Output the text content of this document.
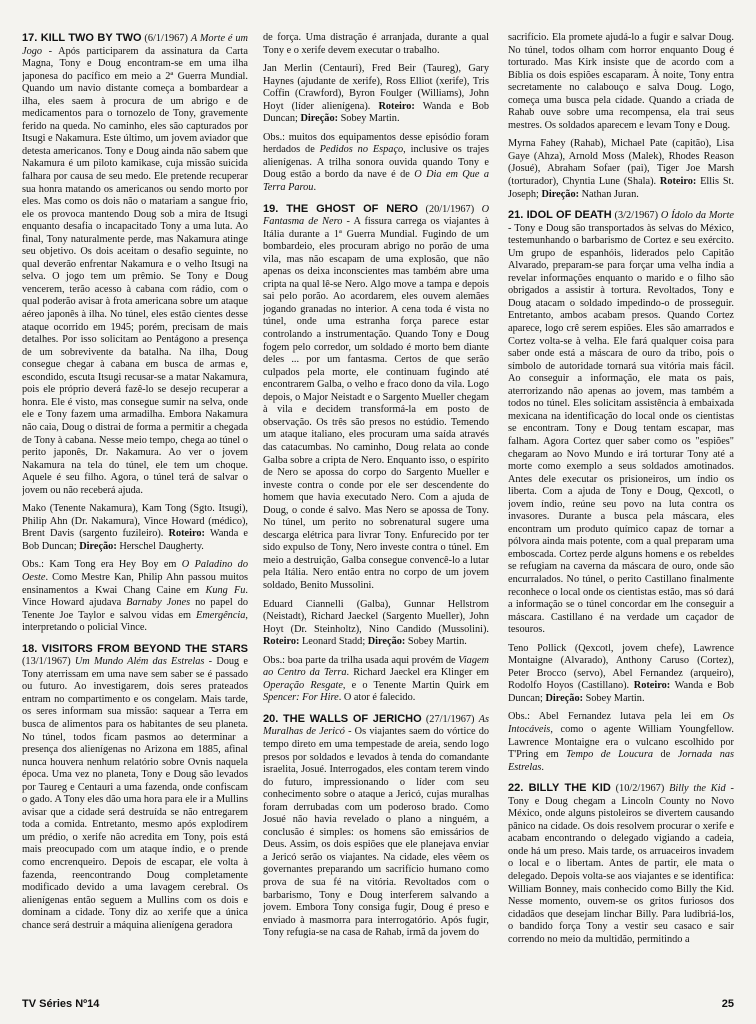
17. KILL TWO BY TWO (6/1/1967) A Morte é um Jogo - Após participarem da assinatura da Carta Magna, Tony e Doug encontram-se em uma ilha japonesa do pacífico em meio a 2ª Guerra Mundial. Quando um navio distante começa a bombardear a ilha, eles saem à procura de um abrigo e de medicamentos para o tornozelo de Tony, gravemente ferido na queda. No caminho, eles são capturados por Itsugi e Nakamura. Este último, um jovem aviador que detesta americanos. Tony e Doug ainda não sabem que Nakamura é um piloto kamikase, cuja missão suicida falhara por causa de seu medo. Ele pretende recuperar sua honra matando os americanos ou sendo morto por eles. Mas como os dois não o matariam a sangue frio, ele os provoca mantendo Doug sob a mira de Itsugi enquanto desafia o incapacitado Tony a uma luta. Ao final, Tony naturalmente perde, mas Nakamura atinge seu objetivo. Os dois aceitam o desafio seguinte, no qual deverão enfrentar Nakamura e o velho Itsugi na selva. O jogo tem um prêmio. Se Tony e Doug vencerem, terão acesso à cabana com rádio, com o qual poderão avisar à frota americana sobre um ataque aéreo japonês à ilha. No túnel, eles estão cientes desse ataque ocorrido em 1945; porém, precisam de mais detalhes. Por isso solicitam ao Pentágono a presença de um sobrevivente da batalha. Na ilha, Doug consegue chegar à cabana em busca de armas e, escondido, escuta Itsugi recusar-se a matar Nakamura, pois ele próprio deverá fazê-lo se desejo recuperar a honra. Ele é visto, mas consegue sumir na selva, onde ele e Tony fazem uma armadilha. Embora Nakamura não caia, Doug o distrai de forma a permitir a chegada de Tony à cabana. Nesse meio tempo, chega ao túnel o perito japonês, Dr. Nakamura. Ao ver o jovem Nakamura na tela do túnel, ele tem um choque. Aquele é seu filho. Agora, o túnel terá de salvar o jovem ou não receberá ajuda.

Mako (Tenente Nakamura), Kam Tong (Sgto. Itsugi), Philip Ahn (Dr. Nakamura), Vince Howard (médico), Brent Davis (sargento fuzileiro). Roteiro: Wanda e Bob Duncan; Direção: Herschel Daugherty.

Obs.: Kam Tong era Hey Boy em O Paladino do Oeste. Como Mestre Kan, Philip Ahn passou muitos ensinamentos a Kwai Chang Caine em Kung Fu. Vince Howard ajudava Barnaby Jones no papel do Tenente Joe Taylor e salvou vidas em Emergência, interpretando o policial Vince.

18. VISITORS FROM BEYOND THE STARS (13/1/1967) Um Mundo Além das Estrelas - Doug e Tony aterrissam em uma nave sem saber se é passado ou futuro. Ao investigarem, dois seres prateados entram no compartimento e os congelam. Mais tarde, os seres informam sua missão: saquear a Terra em busca de alimentos para os habitantes de seu planeta. No túnel, todos ficam pasmos ao determinar a presença dos alienígenas no Arizona em 1885, afinal nunca houvera nenhum relatório sobre Ovnis naquela época. Uma vez no planeta, Tony e Doug são levados por Taureg e Centauri a uma fazenda, onde confiscam o gado. A Tony eles dão uma hora para ele ir a Mullins avisar que a cidade será destruída se não entregarem toda a comida. Entretanto, mesmo após explodirem um prédio, o xerife não acredita em Tony, pois está mais preocupado com um ataque índio, e o prende como encrenqueiro. Depois de escapar, ele volta à fazenda, reencontrando Doug completamente modificado devido a uma lavagem cerebral. Os alienígenas então seguem a Mullins com os dois e dominam a cidade. Tony diz ao xerife que a única chance será destruir a máquina alienígena geradora

de força. Uma distração é arranjada, durante a qual Tony e o xerife devem executar o trabalho.

Jan Merlin (Centauri), Fred Beir (Taureg), Gary Haynes (ajudante de xerife), Ross Elliot (xerife), Tris Coffin (Crawford), Byron Foulger (Williams), John Hoyt (líder alienígena). Roteiro: Wanda e Bob Duncan; Direção: Sobey Martin.

Obs.: muitos dos equipamentos desse episódio foram herdados de Pedidos no Espaço, inclusive os trajes alienígenas. A trilha sonora ouvida quando Tony e Doug estão a bordo da nave é de O Dia em Que a Terra Parou.

19. THE GHOST OF NERO (20/1/1967) O Fantasma de Nero - A fissura carrega os viajantes à Itália durante a 1ª Guerra Mundial. Fugindo de um bombardeio, eles procuram abrigo no porão de uma vila, mas não escapam de uma explosão, que não apenas os deixa inconscientes mas também abre uma cripta na qual lê-se Nero. Algo move a tampa e depois sai pelo porão. Ao acordarem, eles ouvem alemães jogando granadas no interior. A cena toda é vista no túnel, onde uma estranha força parece estar controlando a instrumentação. Quando Tony e Doug fogem pelo corredor, um soldado é morto bem diante deles ... por um fantasma. Certos de que serão culpados pela morte, ele continuam fugindo até encontrarem Galba, o velho e fraco dono da vila. Logo depois, o Major Neistadt e o Sargento Mueller chegam à vila e decidem transformá-la em posto de observação. Os três são presos no estúdio. Temendo um ataque italiano, eles procuram uma saída através das catacumbas. No caminho, Doug relata ao conde Galba sobre a cripta de Nero. Enquanto isso, o espírito de Nero se apossa do corpo do Sargento Mueller e investe contra o conde por ele ser descendente do homem que havia executado Nero. Com a ajuda de Doug, o conde é salvo. Mas Nero se apossa de Tony. No túnel, um perito no sobrenatural sugere uma descarga elétrica para livrar Tony. Enfurecido por ter sido expulso de Tony, Nero investe contra o túnel. Em meio a destruição, Galba consegue convencê-lo a lutar pela Itália. Nero então entra no corpo de um jovem soldado, Benito Mussolini.

Eduard Ciannelli (Galba), Gunnar Hellstrom (Neistadt), Richard Jaeckel (Sargento Mueller), John Hoyt (Dr. Steinholtz), Nino Candido (Mussolini). Roteiro: Leonard Stadd; Direção: Sobey Martin.

Obs.: boa parte da trilha usada aqui provém de Viagem ao Centro da Terra. Richard Jaeckel era Klinger em Operação Resgate, e o Tenente Martin Quirk em Spencer: For Hire. O ator é falecido.

20. THE WALLS OF JERICHO (27/1/1967) As Muralhas de Jericó - Os viajantes saem do vórtice do tempo direto em uma tempestade de areia, sendo logo presos por soldados e levados à tenda do comandante israelita, Josué. Interrogados, eles contam terem vindo do futuro, impressionando o líder com seu conhecimento sobre o ataque a Jericó, cujas muralhas foram derrubadas com um poderoso brado. Como Josué não havia revelado o plano a ninguém, a conclusão é simples: os homens são emissários de Deus. Assim, os dois espiões que ele planejava enviar a Jericó serão os viajantes. Na cidade, eles vêem os governantes preparando um sacrifício humano como prova de sua fé na vitória. Revoltados com o barbarismo, Tony e Doug interferem salvando a jovem. Embora Tony consiga fugir, Doug é preso e enviado à masmorra para interrogatório. Após fugir, Tony refugia-se na casa de Rahab, irmã da jovem do

sacrifício. Ela promete ajudá-lo a fugir e salvar Doug. No túnel, todos olham com horror enquanto Doug é torturado. Mas Kirk insiste que de acordo com a Bíblia os dois espiões escaparam. À noite, Tony entra secretamente no calabouço e salva Doug. Logo, começa uma busca pela cidade. Quando a criada de Rahab ouve sobre uma recompensa, ela trai seus mestres. Os soldados aparecem e levam Tony e Doug.

Myrna Fahey (Rahab), Michael Pate (capitão), Lisa Gaye (Ahza), Arnold Moss (Malek), Rhodes Reason (Josué), Abraham Sofaer (pai), Tiger Joe Marsh (torturador), Chyntia Lune (Shala). Roteiro: Ellis St. Joseph; Direção: Nathan Juran.

21. IDOL OF DEATH (3/2/1967) O Ídolo da Morte - Tony e Doug são transportados às selvas do México, testemunhando o barbarismo de Cortez e seu exército. Um grupo de espanhóis, liderados pelo Capitão Alvarado, preparam-se para forçar uma velha índia a revelar informações enquanto o marido e o filho são obrigados a assistir à tortura. Revoltados, Tony e Doug atacam o soldado impedindo-o de prosseguir. Entretanto, ambos acabam presos. Quando Cortez aparece, logo crê serem espiões. Eles são amarrados e Cortez volta-se à velha. Ele fará qualquer coisa para saber onde está a máscara de ouro da tribo, pois o símbolo de autoridade tornará sua vitória mais fácil. Ao conseguir a informação, ele mata os pais, aterrorizando não apenas ao jovem, mas também a todos no túnel. Eles solicitam assistência à embaixada mexicana na identificação do local onde os cientistas se encontram. Tony e Doug tentam escapar, mas falham. Agora Cortez quer saber como os "espiões" chegaram ao Novo Mundo e irá torturar Tony até a morte como exemplo a seus soldados amotinados. Antes dele executar os prisioneiros, um índio os liberta. Com a ajuda de Tony e Doug, Qexcotl, o jovem índio, reúne seu povo na luta contra os invasores. Durante a busca pela máscara, eles encontram um produto químico capaz de tornar a pólvora ainda mais potente, com a qual preparam uma emboscada. Cortez perde alguns homens e os rebeldes se refugiam na caverna da máscara de ouro, onde são encurralados. No túnel, o perito Castillano finalmente reconhece o local onde os cientistas estão, mas só dará a informação se o túnel concordar em lhe conseguir a máscara. Castillano é na verdade um caçador de tesouros.

Teno Pollick (Qexcotl, jovem chefe), Lawrence Montaigne (Alvarado), Anthony Caruso (Cortez), Peter Brocco (servo), Abel Fernandez (arqueiro), Rodolfo Hoyos (Castillano). Roteiro: Wanda e Bob Duncan; Direção: Sobey Martin.

Obs.: Abel Fernandez lutava pela lei em Os Intocáveis, como o agente William Youngfellow. Lawrence Montaigne era o vulcano escolhido por T'Pring em Tempo de Loucura de Jornada nas Estrelas.

22. BILLY THE KID (10/2/1967) Billy the Kid - Tony e Doug chegam a Lincoln County no Novo México, onde alguns pistoleiros se divertem causando pânico na cidade. Os dois resolvem procurar o xerife e acabam encontrando o delegado vigiando a cadeia, onde há um preso. Mais tarde, os arruaceiros invadem o local e o libertam. Antes de partir, ele mata o delegado. Depois volta-se aos viajantes e se identifica: William Bonney, mais conhecido como Billy the Kid. Nesse momento, ouvem-se os gritos furiosos dos cidadãos que desejam linchar Billy. Para ludibriá-los, o bandido força Tony a vestir seu casaco e sair correndo no meio da multidão, permitindo a

TV Séries Nº14	25
